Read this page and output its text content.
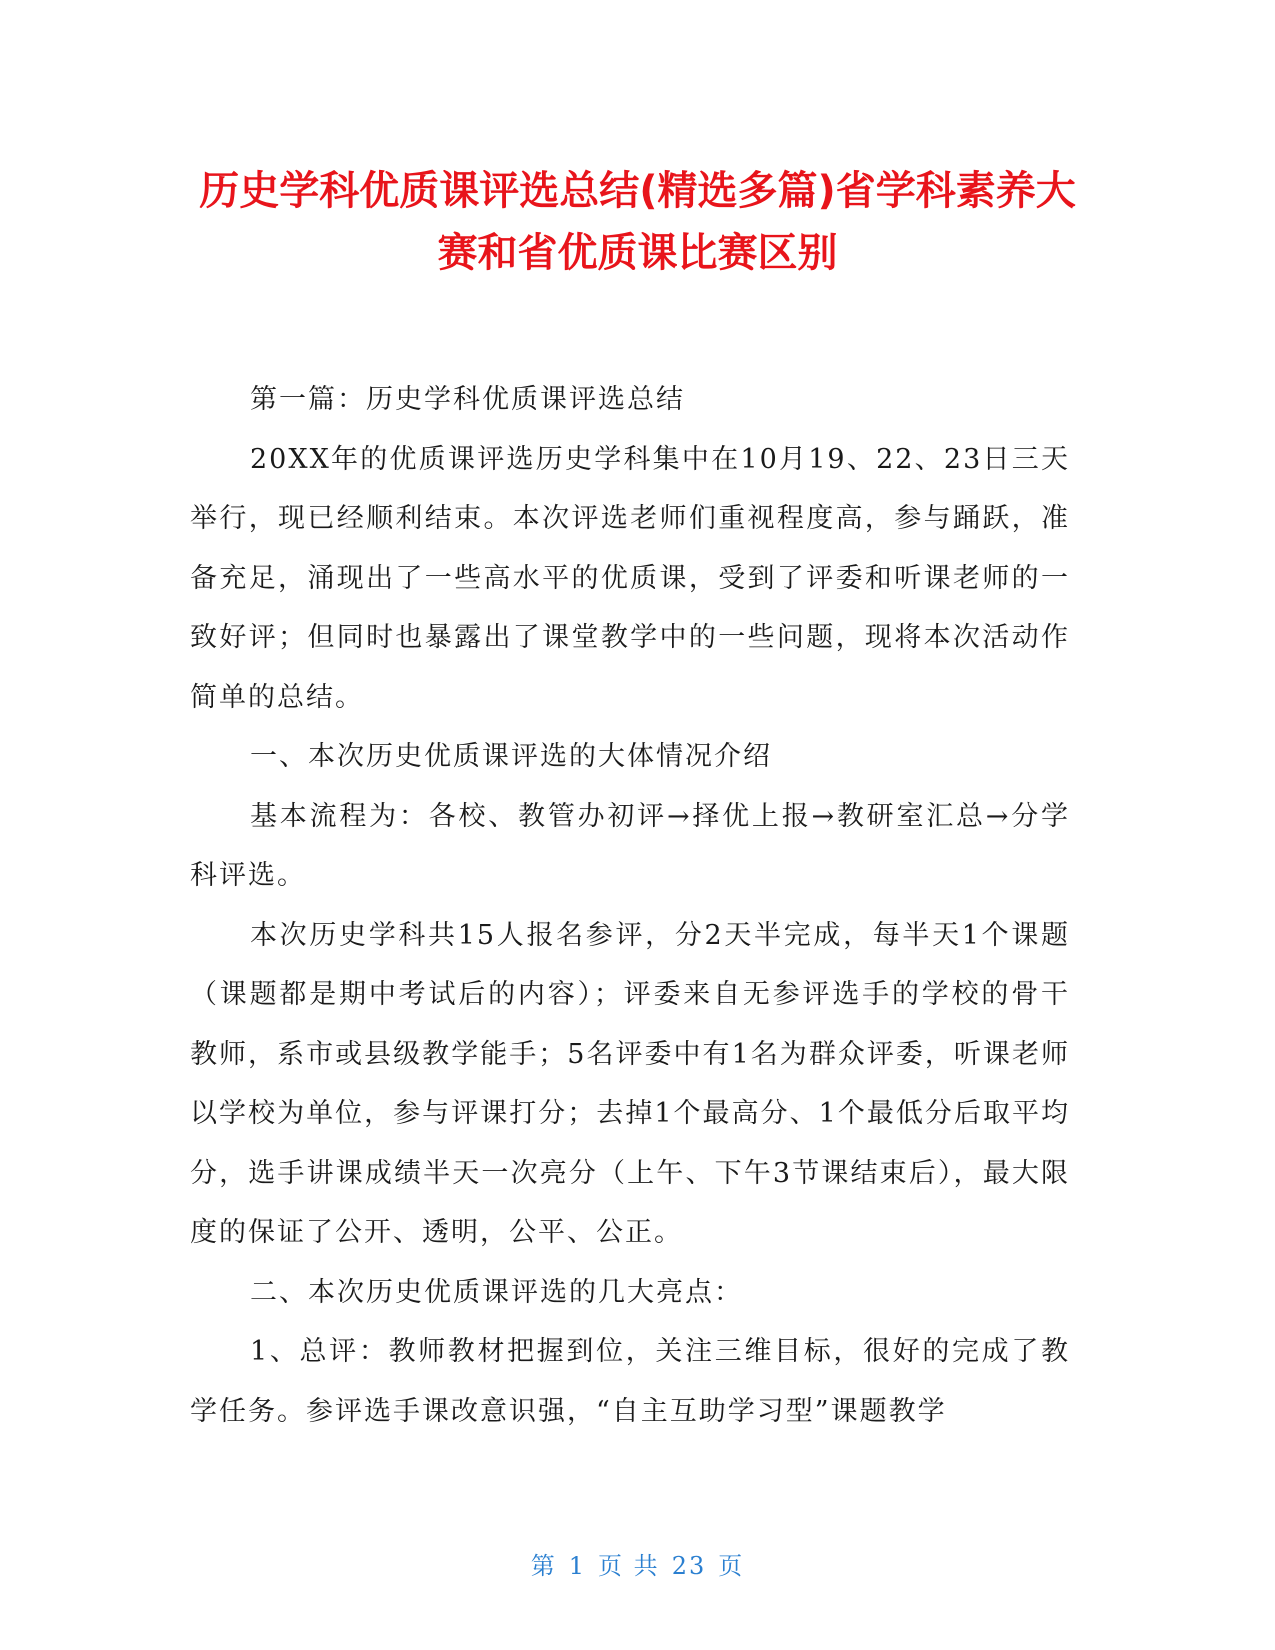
历史学科优质课评选总结(精选多篇)省学科素养大赛和省优质课比赛区别

第一篇：历史学科优质课评选总结

20XX年的优质课评选历史学科集中在10月19、22、23日三天举行，现已经顺利结束。本次评选老师们重视程度高，参与踊跃，准备充足，涌现出了一些高水平的优质课，受到了评委和听课老师的一致好评；但同时也暴露出了课堂教学中的一些问题，现将本次活动作简单的总结。

一、本次历史优质课评选的大体情况介绍

基本流程为：各校、教管办初评→择优上报→教研室汇总→分学科评选。

本次历史学科共15人报名参评，分2天半完成，每半天1个课题（课题都是期中考试后的内容）；评委来自无参评选手的学校的骨干教师，系市或县级教学能手；5名评委中有1名为群众评委，听课老师以学校为单位，参与评课打分；去掉1个最高分、1个最低分后取平均分，选手讲课成绩半天一次亮分（上午、下午3节课结束后），最大限度的保证了公开、透明，公平、公正。

二、本次历史优质课评选的几大亮点：

1、总评：教师教材把握到位，关注三维目标，很好的完成了教学任务。参评选手课改意识强，“自主互助学习型”课题教学

第 1 页 共 23 页
